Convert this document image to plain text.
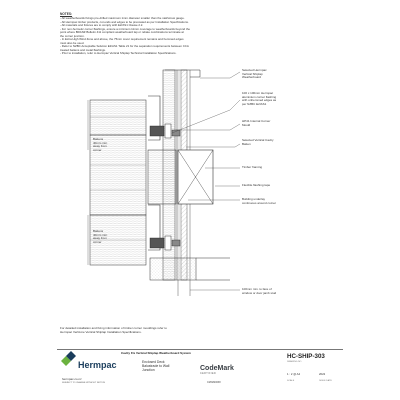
NOTES:
- All weatherboards fixings pre-drilled maximum 1mm diameter smaller than the nail/screw gauge.
- All Hermpac timber products, cut ends and edges to be precoated as per Installation Specifications.
- All materials and fixtures are to comply with E2/AS1 Clause 2.2.
- For non-hermetic corner flashings, ensure a minimum 11mm coverage to weatherboards beyond the
point where BRANZ Bulletin 411 compliant weatherboard lap or rebate combinations terminate at
the corner junction.
- In Extra High Wind Zone and above, the 75mm cover requirement remains and hemmed edges
must also be used.
- Refer to NZBC Acceptable Solution E2/AS1 Table 21 for the separation requirements between CCA
treated battens and metal flashings.
- Prior to installation, refer to Hermpac Vertical Shiplap Technical Installation Specifications.
Battens
40mm min.
away from
corner
Battens
40mm min.
away from
corner
Selected Hermpac
Vertical Shiplap
Weatherboard
100 x 100mm Hermpac
aluminium corner flashing
with unhemmed edges as
per NZBC E2/AS1
HP41 Internal Corner
Mould
Selected Vertical Cavity
Batten
Timber framing
Flexible flashing tape
Building underlay
continuous around corner
100mm min. to face of
window or door jamb stud
For detailed installation and fixing information of timber corner mouldings refer to
Hermpac VertiLine Vertical Shiplap Installation Specifications.
Hermpac
hermpac.co.nz
SUBJECT TO CHANGE WITHOUT NOTICE
Cavity Fix Vertical Shiplap Weatherboard System
Enclosed Deck
Balustrade to Wall
Junction	CodeMark
CERTIFIED
CMNZ20038
HC-SHIP-303
DRAWING NO
1 : 2 @ A4
SCALE
2022
ISSUE DATE
